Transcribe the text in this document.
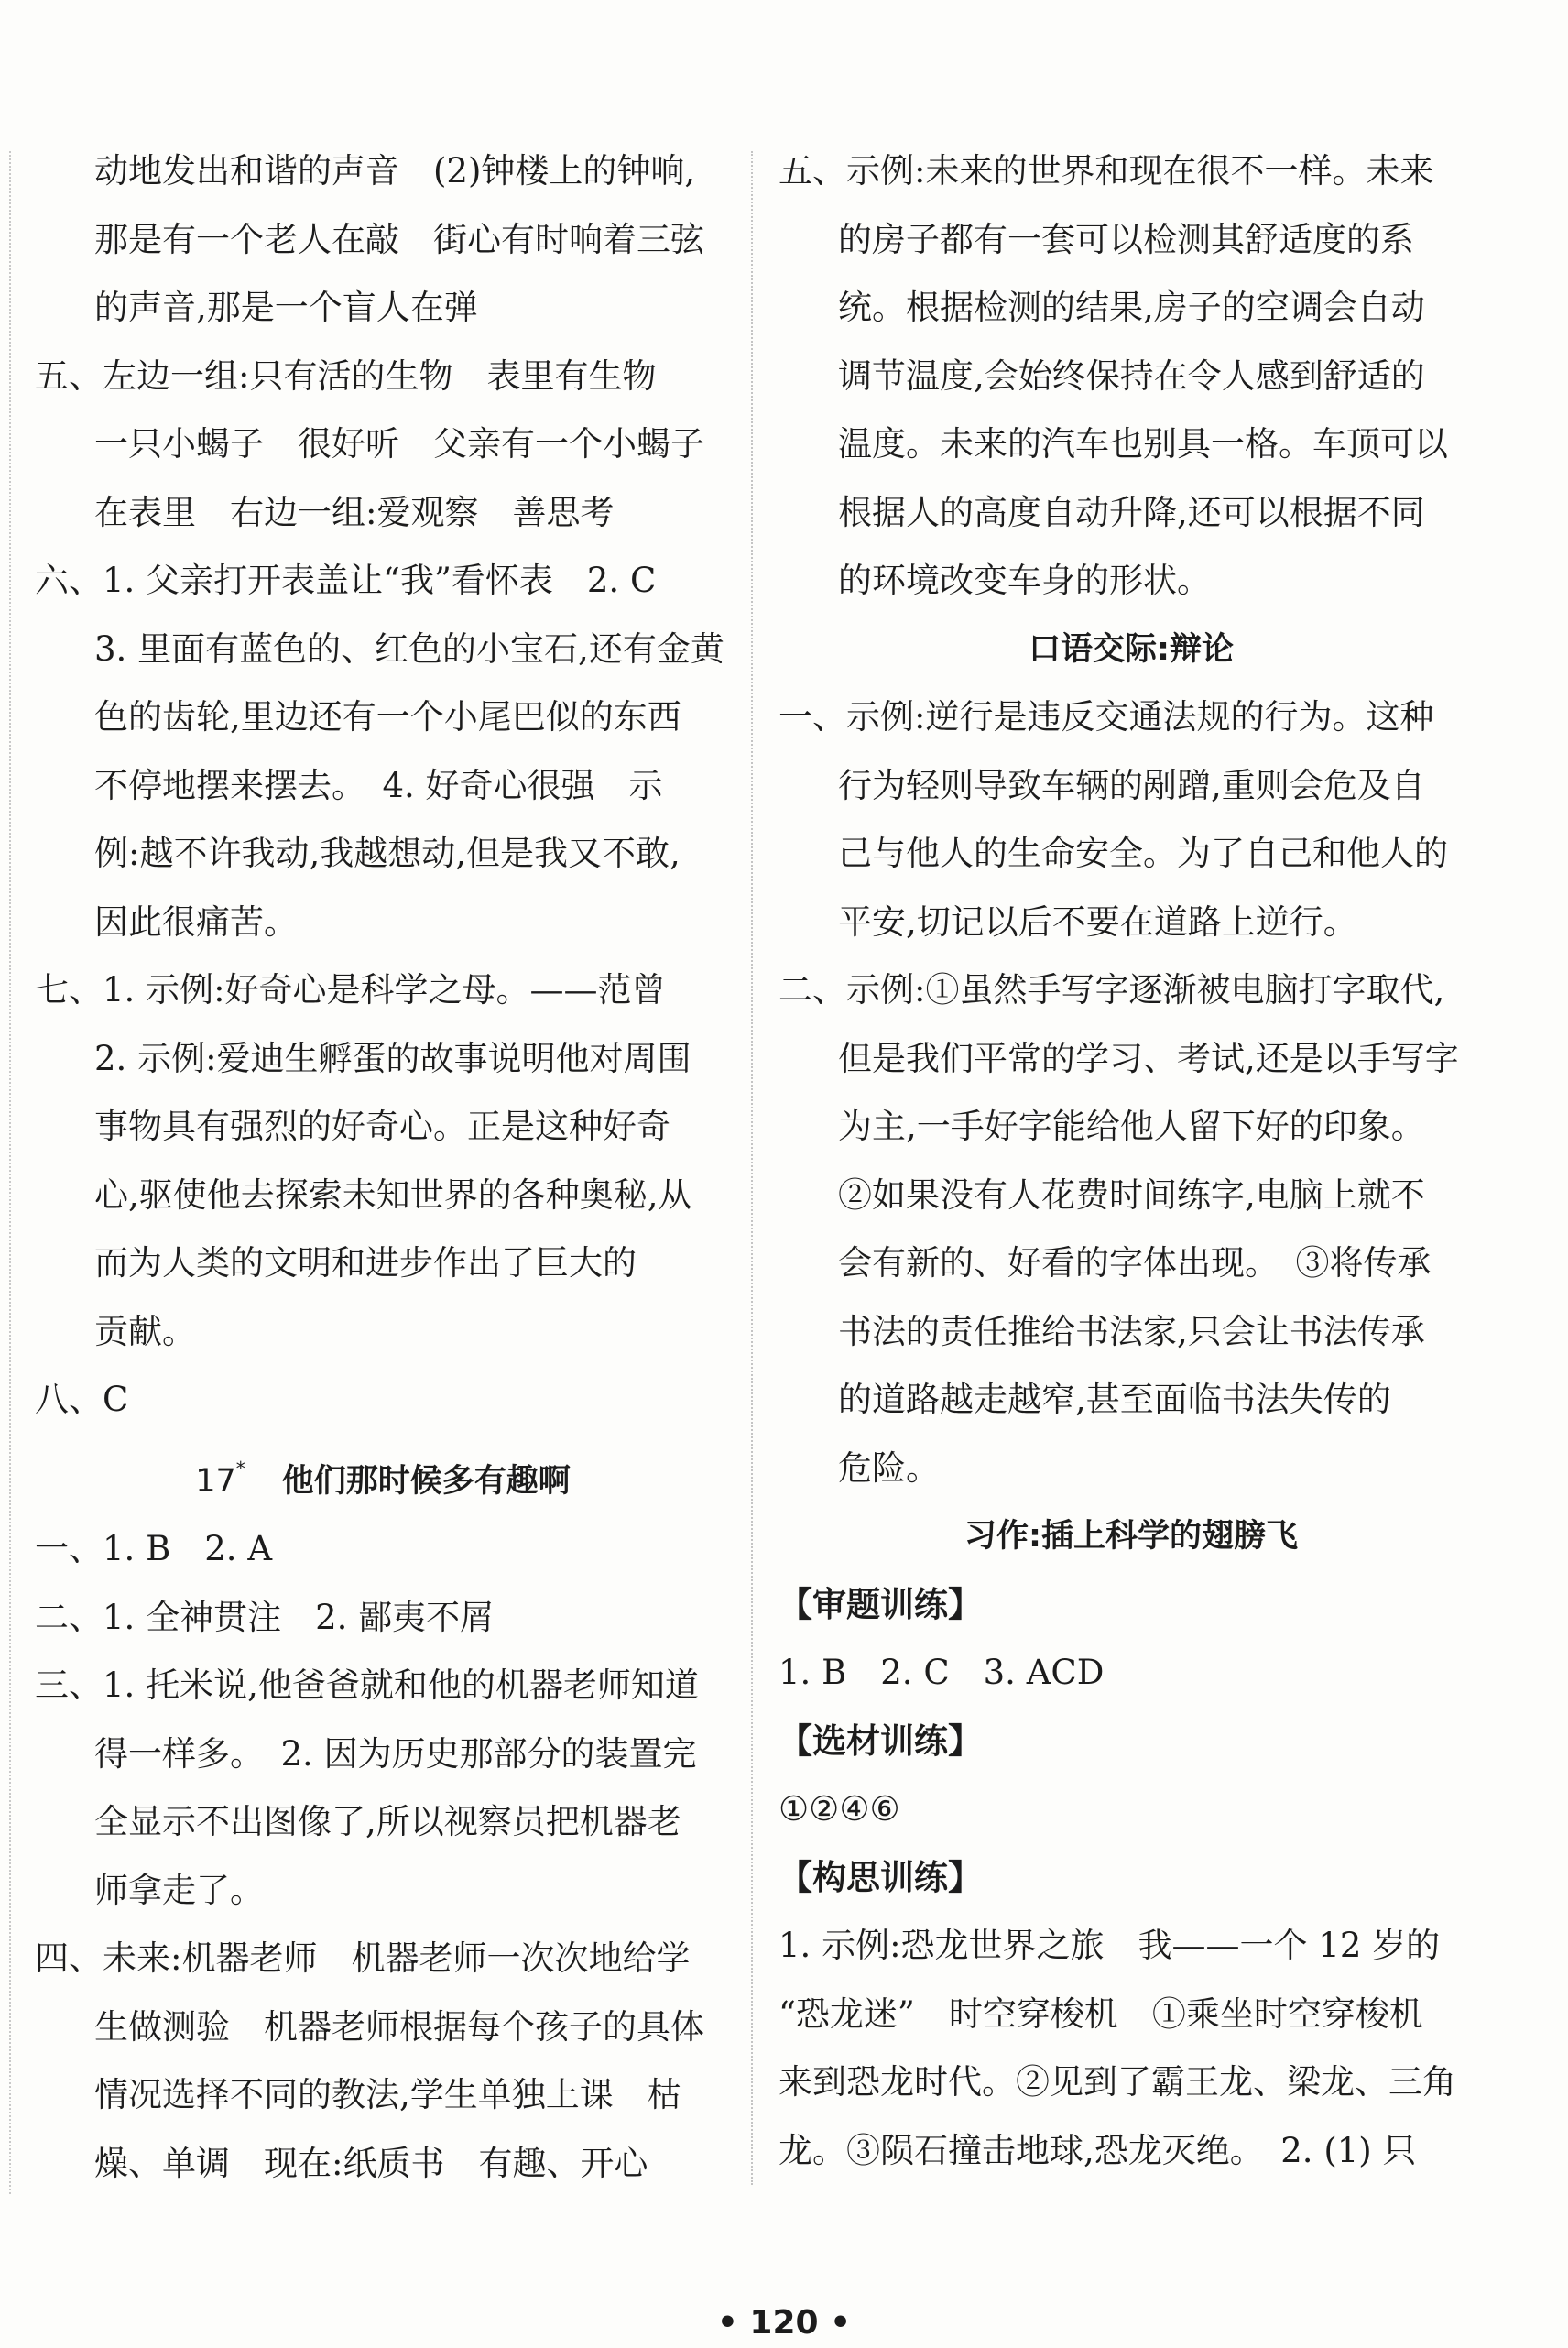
动地发出和谐的声音　(2)钟楼上的钟响,
那是有一个老人在敲　街心有时响着三弦
的声音,那是一个盲人在弹
五、左边一组:只有活的生物　表里有生物
一只小蝎子　很好听　父亲有一个小蝎子
在表里　右边一组:爱观察　善思考
六、1. 父亲打开表盖让“我”看怀表　2. C
3. 里面有蓝色的、红色的小宝石,还有金黄
色的齿轮,里边还有一个小尾巴似的东西
不停地摆来摆去。　4. 好奇心很强　示
例:越不许我动,我越想动,但是我又不敢,
因此很痛苦。
七、1. 示例:好奇心是科学之母。——范曾
2. 示例:爱迪生孵蛋的故事说明他对周围
事物具有强烈的好奇心。正是这种好奇
心,驱使他去探索未知世界的各种奥秘,从
而为人类的文明和进步作出了巨大的
贡献。
八、C
17* 他们那时候多有趣啊
一、1. B　2. A
二、1. 全神贯注　2. 鄙夷不屑
三、1. 托米说,他爸爸就和他的机器老师知道
得一样多。　2. 因为历史那部分的装置完
全显示不出图像了,所以视察员把机器老
师拿走了。
四、未来:机器老师　机器老师一次次地给学
生做测验　机器老师根据每个孩子的具体
情况选择不同的教法,学生单独上课　枯
燥、单调　现在:纸质书　有趣、开心
五、示例:未来的世界和现在很不一样。未来
的房子都有一套可以检测其舒适度的系
统。根据检测的结果,房子的空调会自动
调节温度,会始终保持在令人感到舒适的
温度。未来的汽车也别具一格。车顶可以
根据人的高度自动升降,还可以根据不同
的环境改变车身的形状。
口语交际:辩论
一、示例:逆行是违反交通法规的行为。这种
行为轻则导致车辆的剐蹭,重则会危及自
己与他人的生命安全。为了自己和他人的
平安,切记以后不要在道路上逆行。
二、示例:①虽然手写字逐渐被电脑打字取代,
但是我们平常的学习、考试,还是以手写字
为主,一手好字能给他人留下好的印象。
②如果没有人花费时间练字,电脑上就不
会有新的、好看的字体出现。　③将传承
书法的责任推给书法家,只会让书法传承
的道路越走越窄,甚至面临书法失传的
危险。
习作:插上科学的翅膀飞
【审题训练】
1. B　2. C　3. ACD
【选材训练】
①②④⑥
【构思训练】
1. 示例:恐龙世界之旅　我——一个 12 岁的
“恐龙迷”　时空穿梭机　①乘坐时空穿梭机
来到恐龙时代。②见到了霸王龙、梁龙、三角
龙。③陨石撞击地球,恐龙灭绝。　2. (1) 只
• 120 •
